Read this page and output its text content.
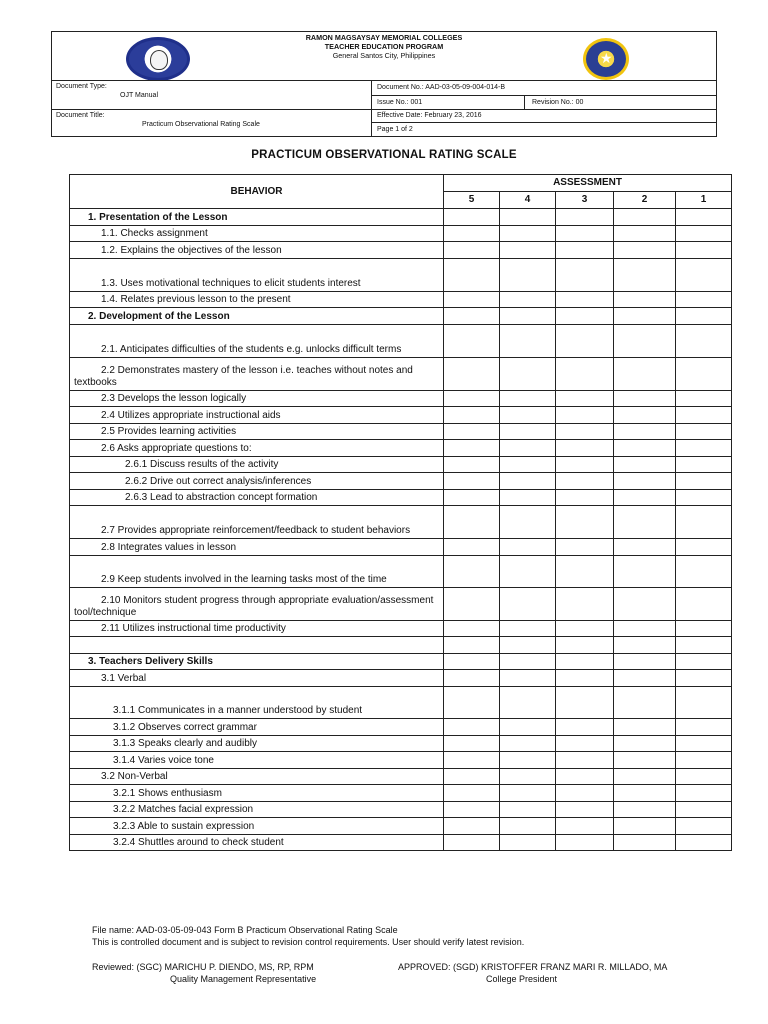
★
RAMON MAGSAYSAY MEMORIAL COLLEGES
TEACHER EDUCATION PROGRAM
General Santos City, Philippines
Document Type:
OJT Manual
Document No.: AAD-03-05-09-004-014-B
Issue No.: 001	Revision No.: 00
Document Title:
Practicum Observational Rating Scale
Effective Date: February 23, 2016
Page 1 of 2
PRACTICUM OBSERVATIONAL RATING SCALE
BEHAVIOR	ASSESSMENT				
	5	4	3	2	1
1. Presentation of the Lesson					
1.1. Checks assignment					
1.2. Explains the objectives of the lesson					
1.3. Uses motivational techniques to elicit students interest					
1.4. Relates previous lesson to the present					
2. Development of the Lesson					

2.1. Anticipates difficulties of the students e.g. unlocks difficult terms					

2.2 Demonstrates mastery of the lesson i.e. teaches without notes and textbooks					

2.3 Develops the lesson logically					
2.4 Utilizes appropriate instructional aids					
2.5 Provides learning activities					
2.6 Asks appropriate questions to:					
2.6.1 Discuss results of the activity					
2.6.2 Drive out correct analysis/inferences					
2.6.3 Lead to abstraction concept formation					

2.7 Provides appropriate reinforcement/feedback to student behaviors					

2.8 Integrates values in lesson					
2.9 Keep students involved in the learning tasks most of the time					

2.10 Monitors student progress through appropriate evaluation/assessment tool/technique					

2.11 Utilizes instructional time productivity					

3. Teachers Delivery Skills					
3.1 Verbal					
3.1.1 Communicates in a manner understood by student					
3.1.2 Observes correct grammar					
3.1.3 Speaks clearly and audibly					
3.1.4 Varies voice tone					
3.2 Non-Verbal					
3.2.1 Shows enthusiasm					
3.2.2 Matches facial expression					
3.2.3 Able to sustain expression					
3.2.4 Shuttles around to check student					
File name: AAD-03-05-09-043 Form B Practicum Observational Rating Scale
This is controlled document and is subject to revision control requirements. User should verify latest revision.
Reviewed: (SGC) MARICHU P. DIENDO, MS, RP, RPM
Quality Management Representative
APPROVED: (SGD) KRISTOFFER FRANZ MARI R. MILLADO, MA
College President
